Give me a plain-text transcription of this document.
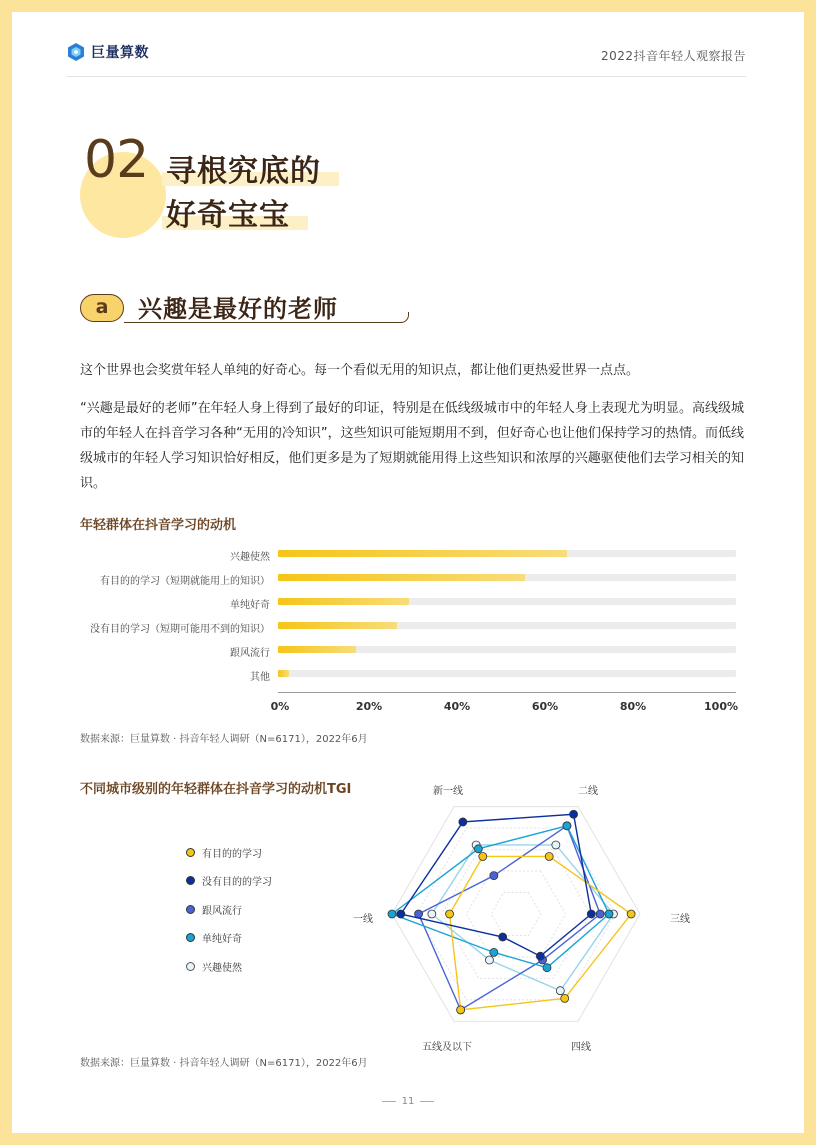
巨量算数	2022抖音年轻人观察报告
02 寻根究底的
好奇宝宝
a	兴趣是最好的老师
这个世界也会奖赏年轻人单纯的好奇心。每一个看似无用的知识点，都让他们更热爱世界一点点。
“兴趣是最好的老师”在年轻人身上得到了最好的印证，特别是在低线级城市中的年轻人身上表现尤为明显。高线级城市的年轻人在抖音学习各种“无用的冷知识”，这些知识可能短期用不到，但好奇心也让他们保持学习的热情。而低线级城市的年轻人学习知识恰好相反，他们更多是为了短期就能用得上这些知识和浓厚的兴趣驱使他们去学习相关的知识。
年轻群体在抖音学习的动机
兴趣使然
有目的的学习（短期就能用上的知识）
单纯好奇
没有目的学习（短期可能用不到的知识）
跟风流行
其他
0%	20%	40%	60%	80%	100%
数据来源：巨量算数 · 抖音年轻人调研（N=6171），2022年6月
不同城市级别的年轻群体在抖音学习的动机TGI
有目的的学习
没有目的的学习
跟风流行
单纯好奇
兴趣使然
二线
三线
四线
五线及以下
一线
新一线
数据来源：巨量算数 · 抖音年轻人调研（N=6171），2022年6月
11
